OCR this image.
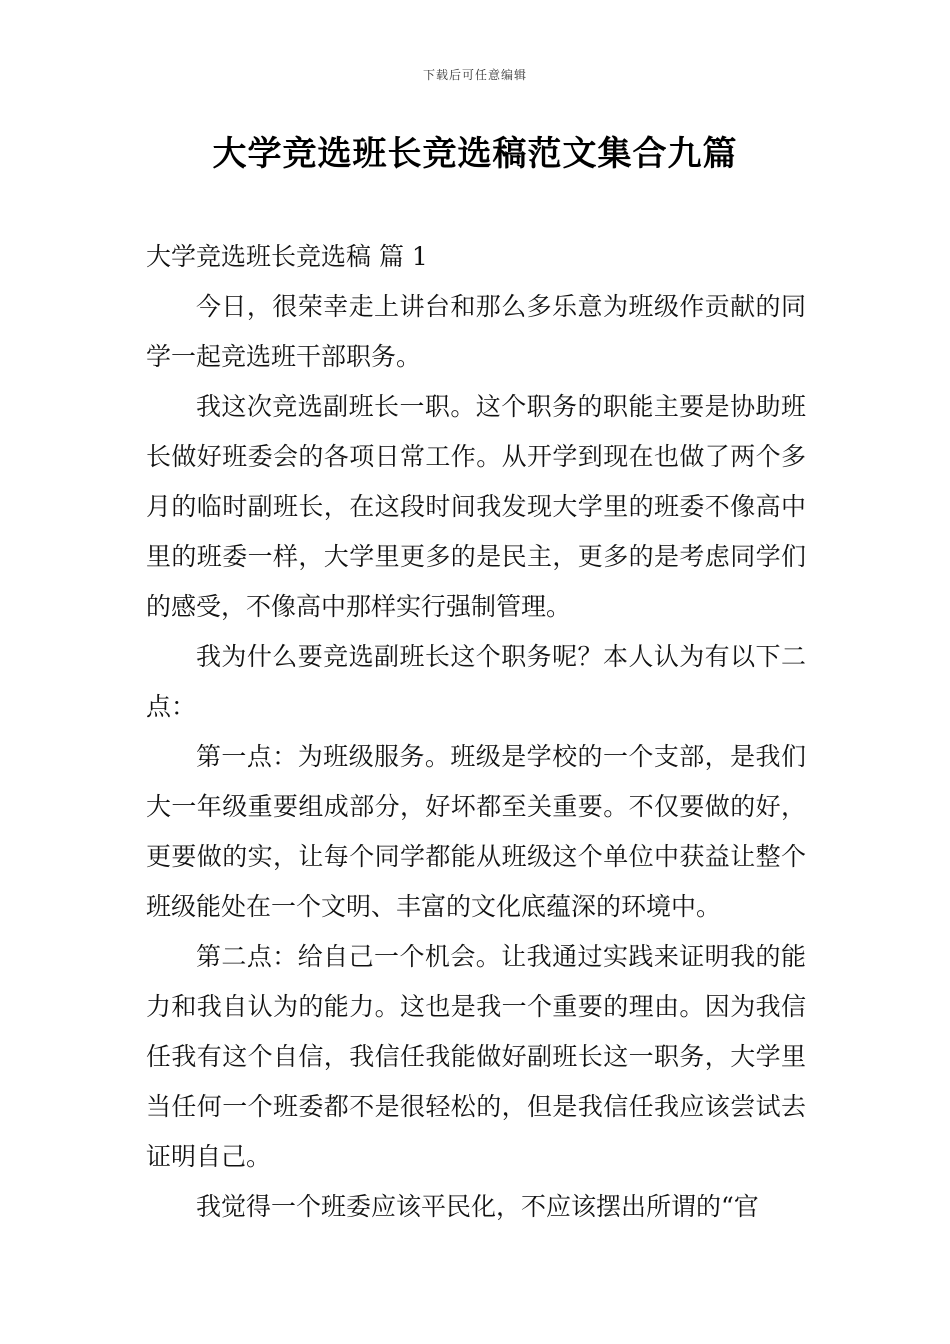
下载后可任意编辑
大学竞选班长竞选稿范文集合九篇

大学竞选班长竞选稿 篇 1

今日，很荣幸走上讲台和那么多乐意为班级作贡献的同学一起竞选班干部职务。

我这次竞选副班长一职。这个职务的职能主要是协助班长做好班委会的各项日常工作。从开学到现在也做了两个多月的临时副班长，在这段时间我发现大学里的班委不像高中里的班委一样，大学里更多的是民主，更多的是考虑同学们的感受，不像高中那样实行强制管理。

我为什么要竞选副班长这个职务呢？本人认为有以下二点：

第一点：为班级服务。班级是学校的一个支部，是我们大一年级重要组成部分，好坏都至关重要。不仅要做的好，更要做的实，让每个同学都能从班级这个单位中获益让整个班级能处在一个文明、丰富的文化底蕴深的环境中。

第二点：给自己一个机会。让我通过实践来证明我的能力和我自认为的能力。这也是我一个重要的理由。因为我信任我有这个自信，我信任我能做好副班长这一职务，大学里当任何一个班委都不是很轻松的，但是我信任我应该尝试去证明自己。

我觉得一个班委应该平民化，不应该摆出所谓的“官
